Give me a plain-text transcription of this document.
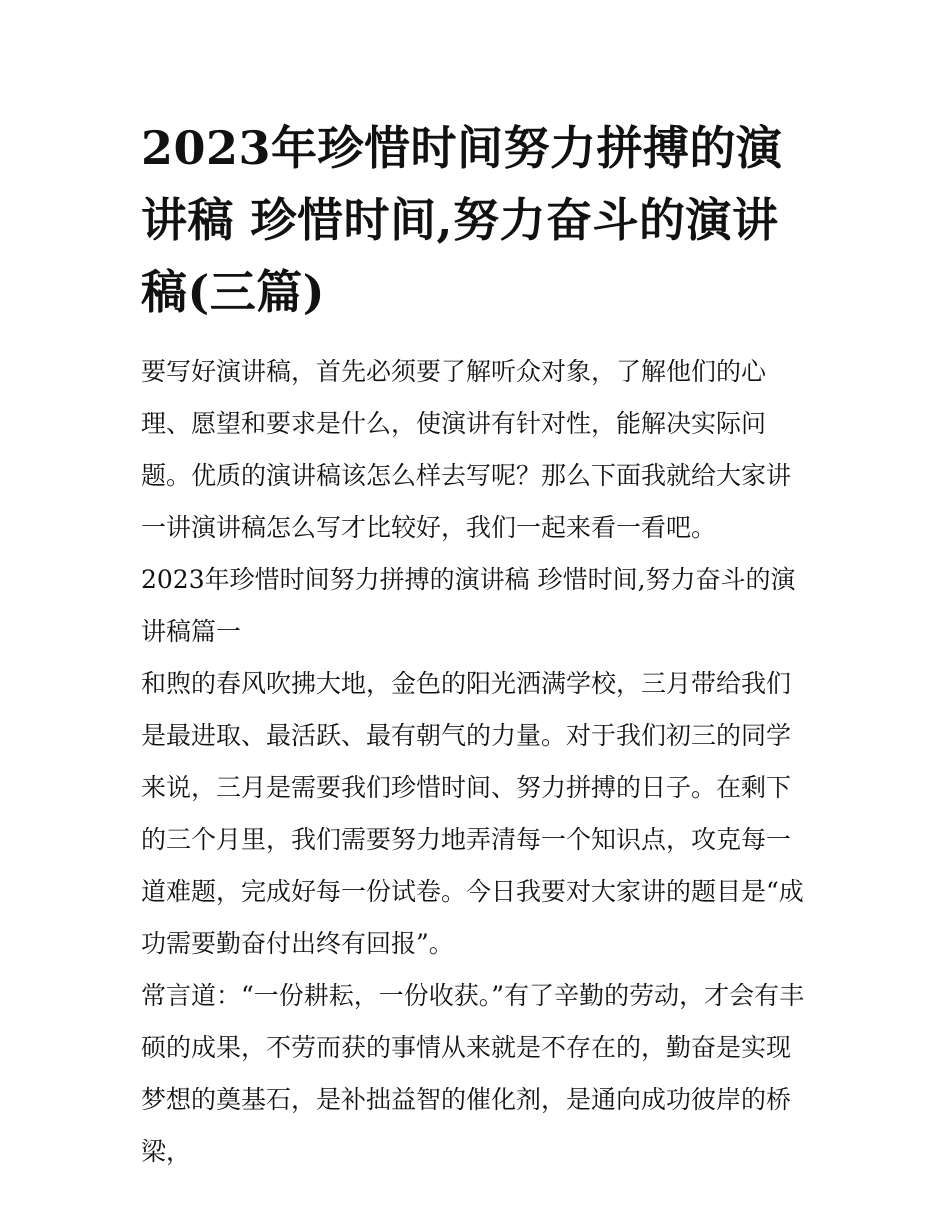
2023年珍惜时间努力拼搏的演讲稿 珍惜时间,努力奋斗的演讲稿(三篇)

要写好演讲稿，首先必须要了解听众对象，了解他们的心理、愿望和要求是什么，使演讲有针对性，能解决实际问题。优质的演讲稿该怎么样去写呢？那么下面我就给大家讲一讲演讲稿怎么写才比较好，我们一起来看一看吧。

2023年珍惜时间努力拼搏的演讲稿 珍惜时间,努力奋斗的演讲稿篇一

和煦的春风吹拂大地，金色的阳光洒满学校，三月带给我们是最进取、最活跃、最有朝气的力量。对于我们初三的同学来说，三月是需要我们珍惜时间、努力拼搏的日子。在剩下的三个月里，我们需要努力地弄清每一个知识点，攻克每一道难题，完成好每一份试卷。今日我要对大家讲的题目是“成功需要勤奋付出终有回报”。

常言道：“一份耕耘，一份收获。”有了辛勤的劳动，才会有丰硕的成果，不劳而获的事情从来就是不存在的，勤奋是实现梦想的奠基石，是补拙益智的催化剂，是通向成功彼岸的桥梁，
